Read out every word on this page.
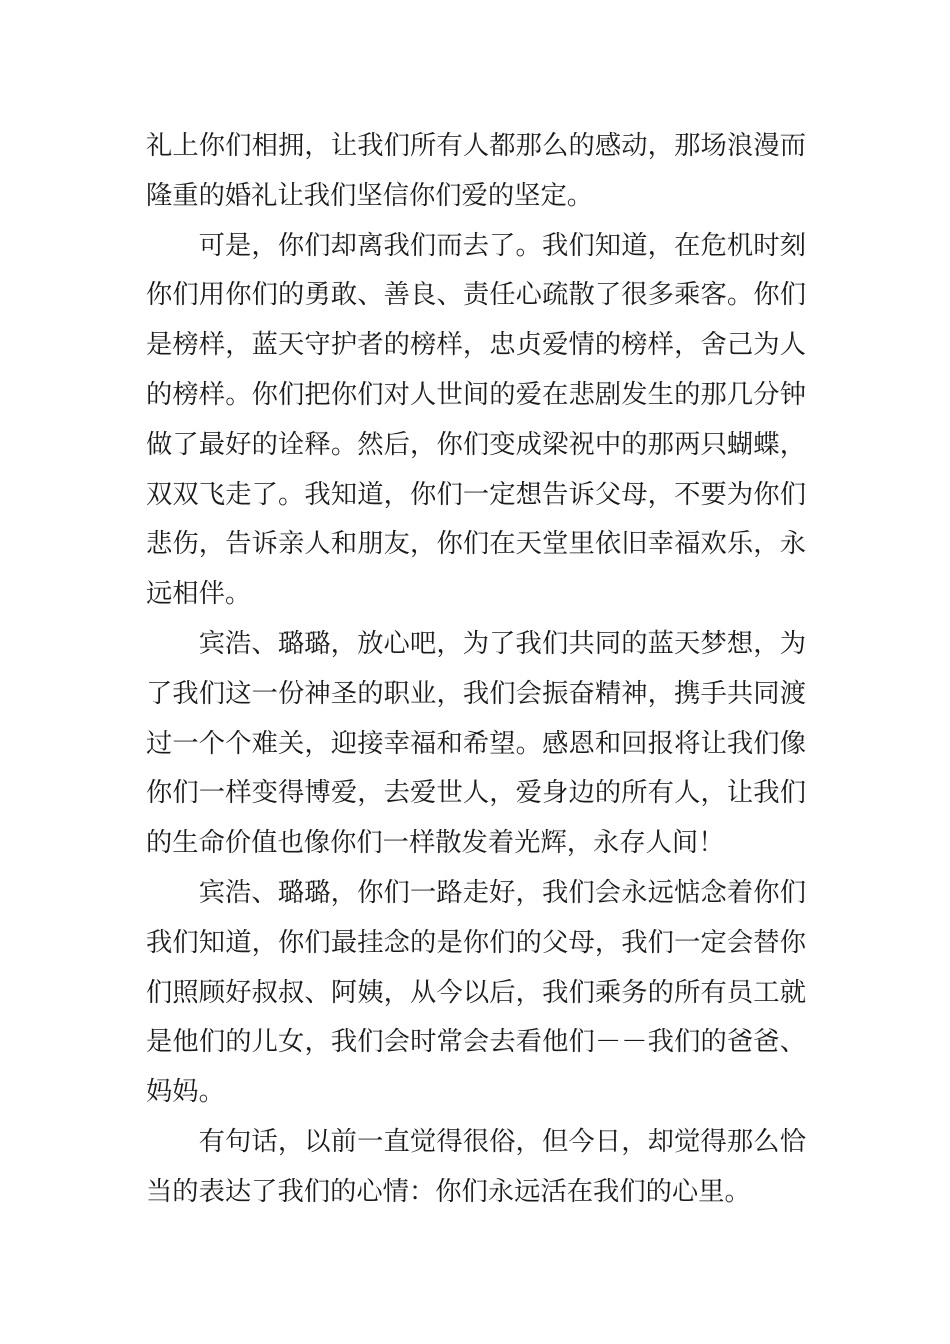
礼上你们相拥，让我们所有人都那么的感动，那场浪漫而隆重的婚礼让我们坚信你们爱的坚定。

可是，你们却离我们而去了。我们知道，在危机时刻你们用你们的勇敢、善良、责任心疏散了很多乘客。你们是榜样，蓝天守护者的榜样，忠贞爱情的榜样，舍己为人的榜样。你们把你们对人世间的爱在悲剧发生的那几分钟做了最好的诠释。然后，你们变成梁祝中的那两只蝴蝶，双双飞走了。我知道，你们一定想告诉父母，不要为你们悲伤，告诉亲人和朋友，你们在天堂里依旧幸福欢乐，永远相伴。

宾浩、璐璐，放心吧，为了我们共同的蓝天梦想，为了我们这一份神圣的职业，我们会振奋精神，携手共同渡过一个个难关，迎接幸福和希望。感恩和回报将让我们像你们一样变得博爱，去爱世人，爱身边的所有人，让我们的生命价值也像你们一样散发着光辉，永存人间！

宾浩、璐璐，你们一路走好，我们会永远惦念着你们我们知道，你们最挂念的是你们的父母，我们一定会替你们照顾好叔叔、阿姨，从今以后，我们乘务的所有员工就是他们的儿女，我们会时常会去看他们－－我们的爸爸、妈妈。

有句话，以前一直觉得很俗，但今日，却觉得那么恰当的表达了我们的心情：你们永远活在我们的心里。
